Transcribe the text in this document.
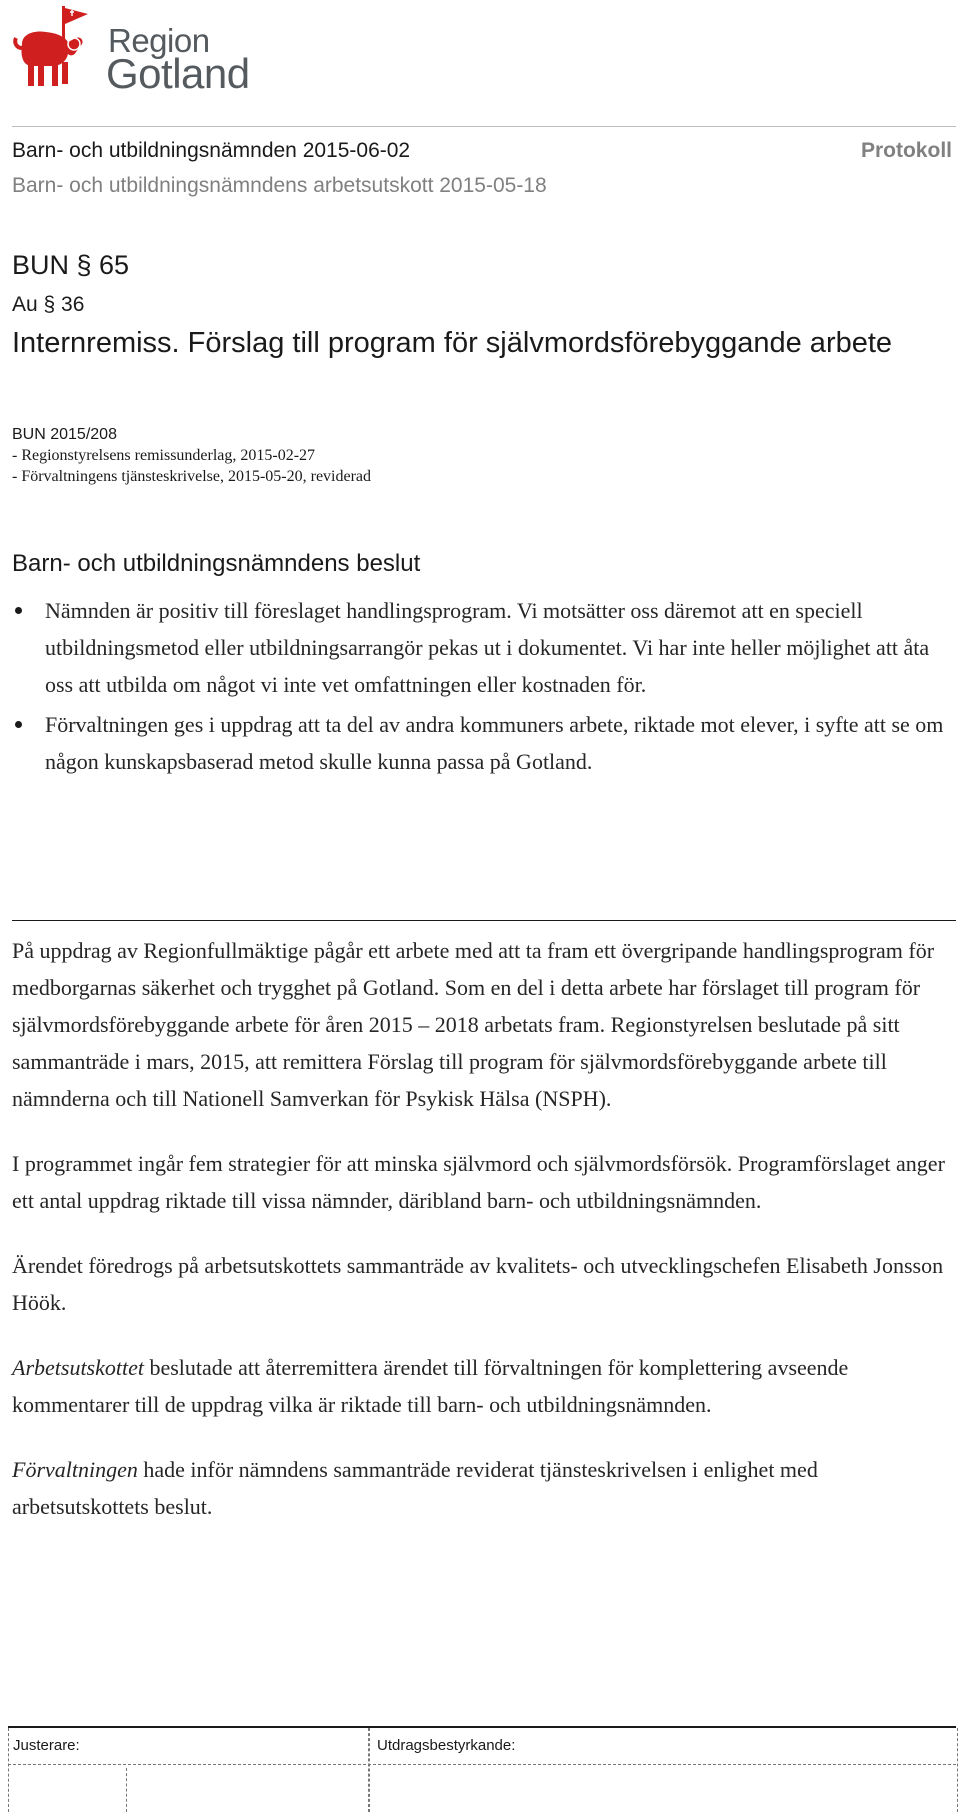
Region
Gotland
Barn- och utbildningsnämnden 2015-06-02
Barn- och utbildningsnämndens arbetsutskott 2015-05-18
Protokoll
BUN § 65
Au § 36
Internremiss. Förslag till program för självmordsförebyggande arbete
BUN 2015/208
- Regionstyrelsens remissunderlag, 2015-02-27
- Förvaltningens tjänsteskrivelse, 2015-05-20, reviderad
Barn- och utbildningsnämndens beslut
Nämnden är positiv till föreslaget handlingsprogram. Vi motsätter oss däremot att en speciell utbildningsmetod eller utbildningsarrangör pekas ut i dokumentet. Vi har inte heller möjlighet att åta oss att utbilda om något vi inte vet omfattningen eller kostnaden för.
Förvaltningen ges i uppdrag att ta del av andra kommuners arbete, riktade mot elever, i syfte att se om någon kunskapsbaserad metod skulle kunna passa på Gotland.

På uppdrag av Regionfullmäktige pågår ett arbete med att ta fram ett övergripande handlingsprogram för medborgarnas säkerhet och trygghet på Gotland. Som en del i detta arbete har förslaget till program för självmordsförebyggande arbete för åren 2015 – 2018 arbetats fram. Regionstyrelsen beslutade på sitt sammanträde i mars, 2015, att remittera Förslag till program för självmordsförebyggande arbete till nämnderna och till Nationell Samverkan för Psykisk Hälsa (NSPH).

I programmet ingår fem strategier för att minska självmord och självmordsförsök. Programförslaget anger ett antal uppdrag riktade till vissa nämnder, däribland barn- och utbildningsnämnden.

Ärendet föredrogs på arbetsutskottets sammanträde av kvalitets- och utvecklingschefen Elisabeth Jonsson Höök.

Arbetsutskottet beslutade att återremittera ärendet till förvaltningen för komplettering avseende kommentarer till de uppdrag vilka är riktade till barn- och utbildningsnämnden.

Förvaltningen hade inför nämndens sammanträde reviderat tjänsteskrivelsen i enlighet med arbetsutskottets beslut.

Justerare:	Utdragsbestyrkande:
